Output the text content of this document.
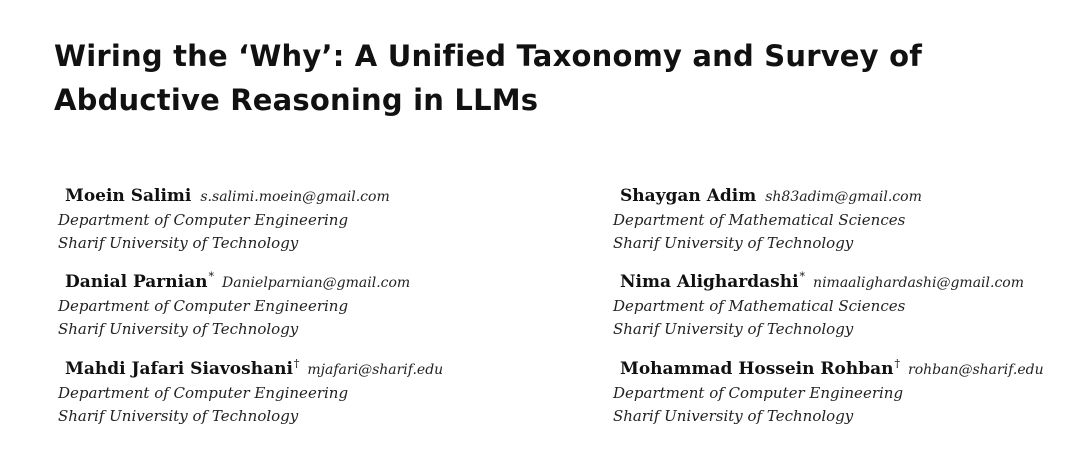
Wiring the ‘Why’: A Unified Taxonomy and Survey of
Abductive Reasoning in LLMs
Moein Salimi s.salimi.moein@gmail.com
Department of Computer Engineering
Sharif University of Technology
Shaygan Adim sh83adim@gmail.com
Department of Mathematical Sciences
Sharif University of Technology
Danial Parnian* Danielparnian@gmail.com
Department of Computer Engineering
Sharif University of Technology
Nima Alighardashi* nimaalighardashi@gmail.com
Department of Mathematical Sciences
Sharif University of Technology
Mahdi Jafari Siavoshani† mjafari@sharif.edu
Department of Computer Engineering
Sharif University of Technology
Mohammad Hossein Rohban† rohban@sharif.edu
Department of Computer Engineering
Sharif University of Technology
